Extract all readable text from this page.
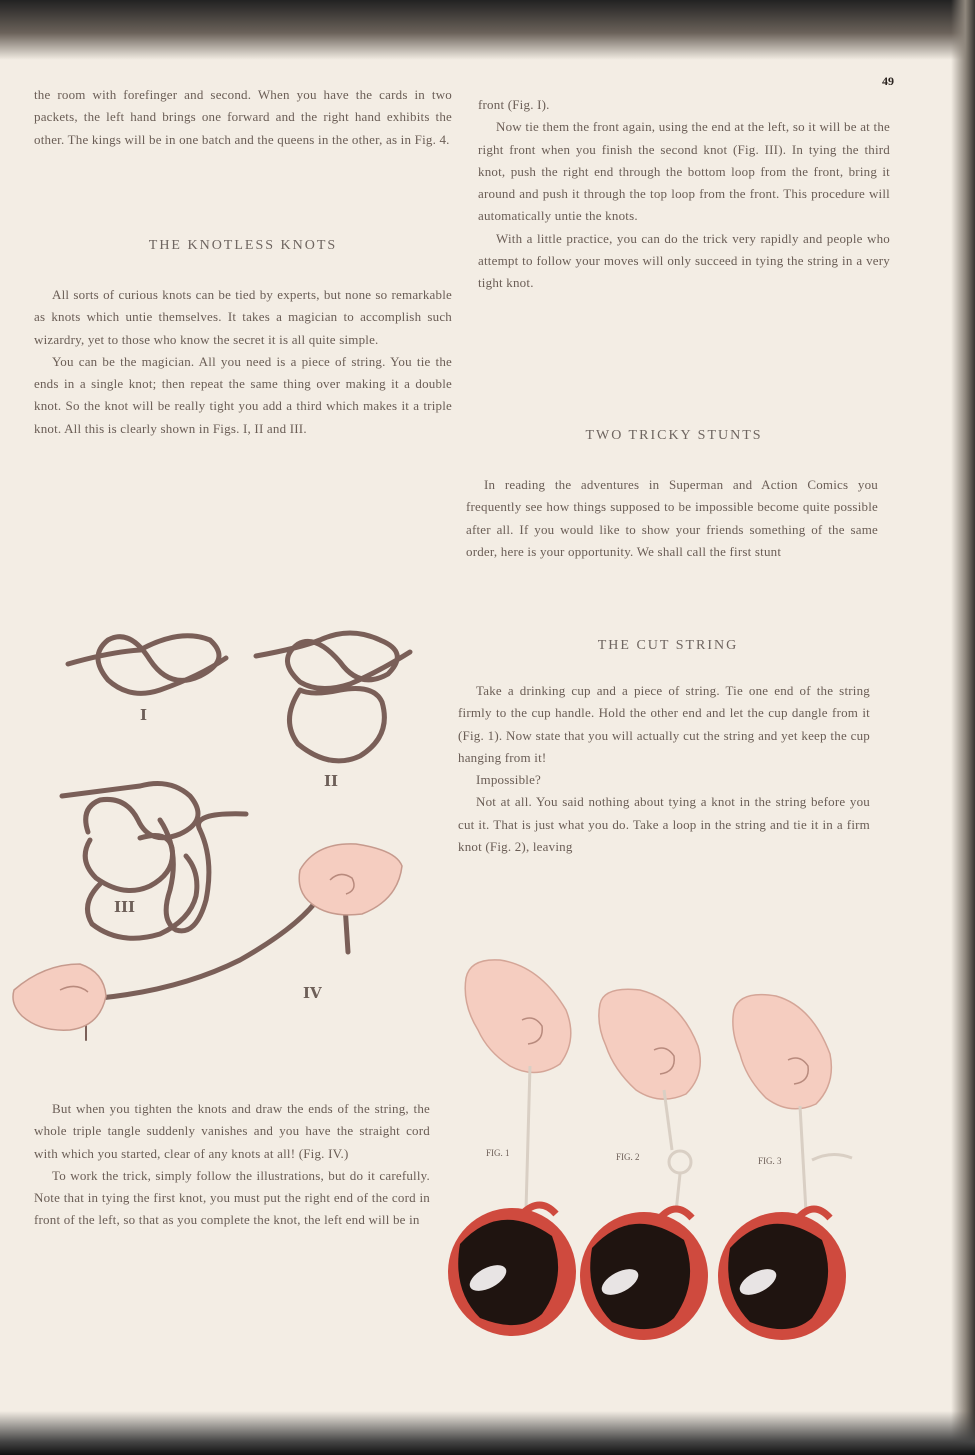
49

the room with forefinger and second. When you have the cards in two packets, the left hand brings one forward and the right hand exhibits the other. The kings will be in one batch and the queens in the other, as in Fig. 4.

THE KNOTLESS KNOTS

All sorts of curious knots can be tied by experts, but none so remarkable as knots which untie themselves. It takes a magician to accomplish such wizardry, yet to those who know the secret it is all quite simple.

You can be the magician. All you need is a piece of string. You tie the ends in a single knot; then repeat the same thing over making it a double knot. So the knot will be really tight you add a third which makes it a triple knot. All this is clearly shown in Figs. I, II and III.

I
II
III
IV

But when you tighten the knots and draw the ends of the string, the whole triple tangle suddenly vanishes and you have the straight cord with which you started, clear of any knots at all! (Fig. IV.)

To work the trick, simply follow the illustrations, but do it carefully. Note that in tying the first knot, you must put the right end of the cord in front of the left, so that as you complete the knot, the left end will be in

front (Fig. I).

Now tie them the front again, using the end at the left, so it will be at the right front when you finish the second knot (Fig. III). In tying the third knot, push the right end through the bottom loop from the front, bring it around and push it through the top loop from the front. This procedure will automatically untie the knots.

With a little practice, you can do the trick very rapidly and people who attempt to follow your moves will only succeed in tying the string in a very tight knot.

TWO TRICKY STUNTS

In reading the adventures in Superman and Action Comics you frequently see how things supposed to be impossible become quite possible after all. If you would like to show your friends something of the same order, here is your opportunity. We shall call the first stunt

THE CUT STRING

Take a drinking cup and a piece of string. Tie one end of the string firmly to the cup handle. Hold the other end and let the cup dangle from it (Fig. 1). Now state that you will actually cut the string and yet keep the cup hanging from it!

Impossible?

Not at all. You said nothing about tying a knot in the string before you cut it. That is just what you do. Take a loop in the string and tie it in a firm knot (Fig. 2), leaving

FIG. 1	FIG. 2	FIG. 3
